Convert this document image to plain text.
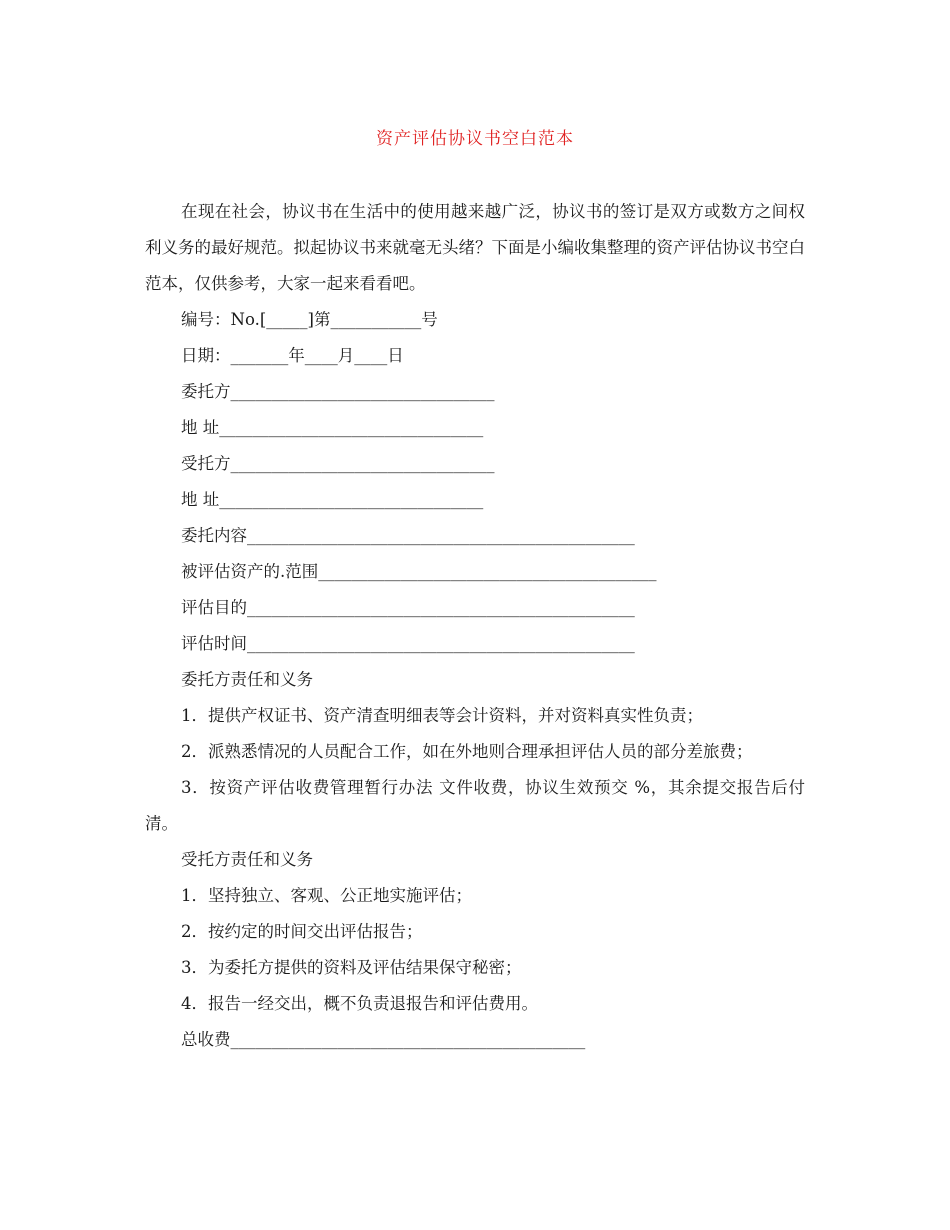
资产评估协议书空白范本

在现在社会，协议书在生活中的使用越来越广泛，协议书的签订是双方或数方之间权利义务的最好规范。拟起协议书来就毫无头绪？下面是小编收集整理的资产评估协议书空白范本，仅供参考，大家一起来看看吧。

编号：No.[_____]第___________号

日期：_______年____月____日

委托方________________________________

地 址________________________________

受托方________________________________

地 址________________________________

委托内容_______________________________________________

被评估资产的.范围_________________________________________

评估目的_______________________________________________

评估时间_______________________________________________

委托方责任和义务

1．提供产权证书、资产清查明细表等会计资料，并对资料真实性负责；

2．派熟悉情况的人员配合工作，如在外地则合理承担评估人员的部分差旅费；

3．按资产评估收费管理暂行办法 文件收费，协议生效预交 %，其余提交报告后付清。

受托方责任和义务

1．坚持独立、客观、公正地实施评估；

2．按约定的时间交出评估报告；

3．为委托方提供的资料及评估结果保守秘密；

4．报告一经交出，概不负责退报告和评估费用。

总收费___________________________________________
